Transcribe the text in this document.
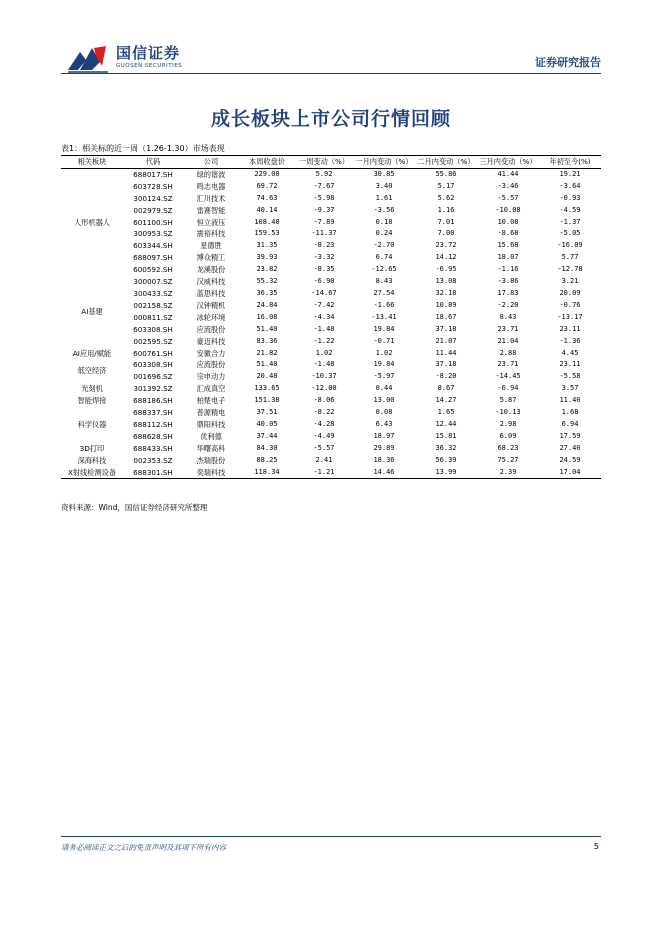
国信证券
GUOSEN SECURITIES	证券研究报告
成长板块上市公司行情回顾
表1：相关标的近一周（1.26-1.30）市场表现
相关板块	代码	公司	本周收盘价	一周变动（%）	一月内变动（%）	二月内变动（%）	三月内变动（%）	年初至今(%)
人形机器人	688017.SH	绿的谐波	229.00	5.92	30.85	55.86	41.44	19.21
	603728.SH	鸣志电器	69.72	-7.67	3.40	5.17	-3.46	-3.64
	300124.SZ	汇川技术	74.63	-5.98	1.61	5.62	-5.57	-0.93
	002979.SZ	雷赛智能	40.14	-9.37	-3.56	1.16	-10.08	-4.59
	601100.SH	恒立液压	108.40	-7.89	0.18	7.01	10.08	-1.37
	300953.SZ	震裕科技	159.53	-11.37	0.24	7.00	-8.68	-5.05
	603344.SH	星德胜	31.35	-8.23	-2.70	23.72	15.68	-16.09
	688097.SH	博众精工	39.93	-3.32	6.74	14.12	18.07	5.77
	600592.SH	龙溪股份	23.82	-8.35	-12.65	-6.95	-1.16	-12.78
AI基建	300007.SZ	汉威科技	55.32	-6.90	8.43	13.08	-3.86	3.21
	300433.SZ	蓝思科技	36.35	-14.67	27.54	32.18	17.83	20.09
	002158.SZ	汉钟精机	24.84	-7.42	-1.66	10.89	-2.20	-0.76
	000811.SZ	冰轮环境	16.08	-4.34	-13.41	18.67	8.43	-13.17
	603308.SH	应流股份	51.40	-1.48	19.84	37.18	23.71	23.11
	002595.SZ	豪迈科技	83.36	-1.22	-0.71	21.07	21.04	-1.36
AI应用/赋能	600761.SH	安徽合力	21.82	1.02	1.02	11.44	2.88	4.45
低空经济	603308.SH	应流股份	51.40	-1.48	19.84	37.18	23.71	23.11
	001696.SZ	宗申动力	20.48	-10.37	-5.97	-8.20	-14.45	-5.58
光刻机	301392.SZ	汇成真空	133.65	-12.00	0.44	8.67	-6.94	3.57
智能焊接	688186.SH	柏楚电子	151.38	-8.06	13.00	14.27	5.87	11.40
科学仪器	688337.SH	普源精电	37.51	-8.22	0.08	1.65	-10.13	1.68
	688112.SH	鼎阳科技	40.05	-4.28	6.43	12.44	2.98	6.94
	688628.SH	优利德	37.44	-4.49	18.97	15.81	6.09	17.59
3D打印	688433.SH	华曙高科	84.30	-5.57	29.89	36.32	68.23	27.40
深海科技	002353.SZ	杰瑞股份	88.25	2.41	18.36	56.39	75.27	24.59
X射线检测设备	688301.SH	奕瑞科技	118.34	-1.21	14.46	13.99	2.39	17.04
资料来源：Wind，国信证券经济研究所整理
请务必阅读正文之后的免责声明及其项下所有内容	5
